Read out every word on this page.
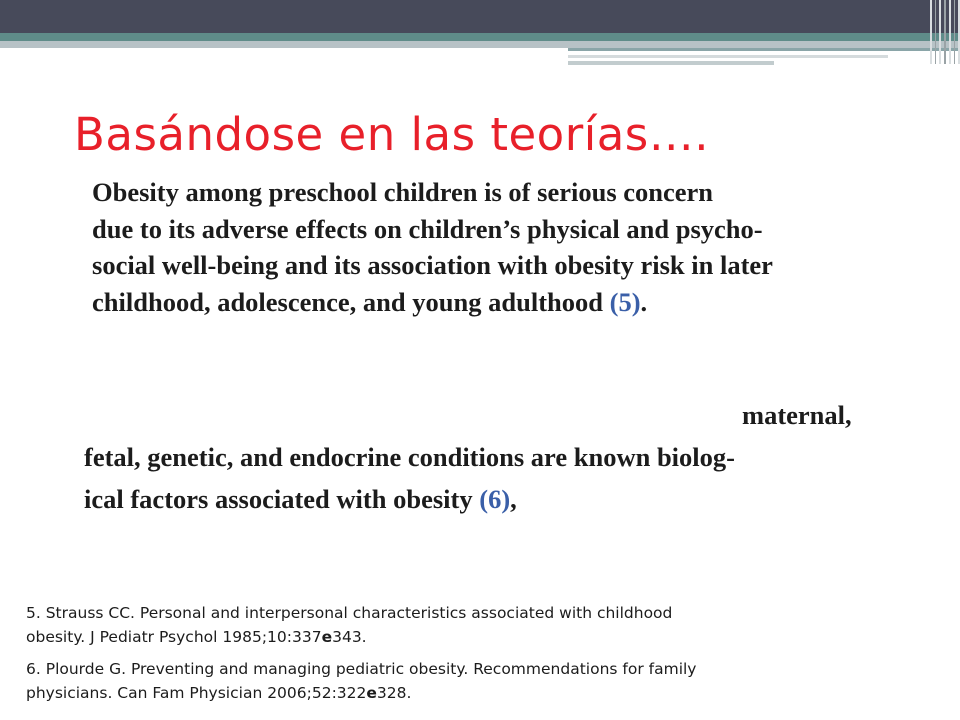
Basándose en las teorías….

Obesity among preschool children is of serious concern
due to its adverse effects on children’s physical and psycho-
social well-being and its association with obesity risk in later
childhood, adolescence, and young adulthood (5).

maternal,
fetal, genetic, and endocrine conditions are known biolog-
ical factors associated with obesity (6),

5. Strauss CC. Personal and interpersonal characteristics associated with childhood obesity. J Pediatr Psychol 1985;10:337e343.

6. Plourde G. Preventing and managing pediatric obesity. Recommendations for family physicians. Can Fam Physician 2006;52:322e328.
